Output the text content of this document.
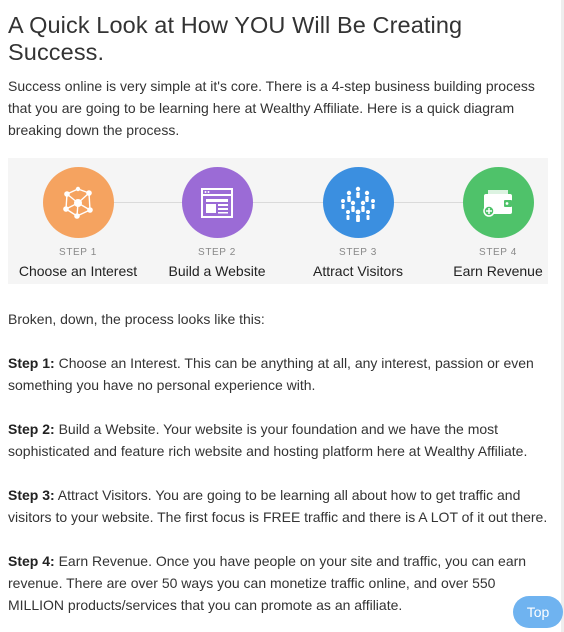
A Quick Look at How YOU Will Be Creating Success.

Success online is very simple at it's core. There is a 4-step business building process that you are going to be learning here at Wealthy Affiliate. Here is a quick diagram breaking down the process.

STEP 1
Choose an Interest
STEP 2
Build a Website
STEP 3
Attract Visitors
STEP 4
Earn Revenue

Broken, down, the process looks like this:

Step 1: Choose an Interest. This can be anything at all, any interest, passion or even something you have no personal experience with.

Step 2: Build a Website. Your website is your foundation and we have the most sophisticated and feature rich website and hosting platform here at Wealthy Affiliate.

Step 3: Attract Visitors. You are going to be learning all about how to get traffic and visitors to your website. The first focus is FREE traffic and there is A LOT of it out there.

Step 4: Earn Revenue. Once you have people on your site and traffic, you can earn revenue. There are over 50 ways you can monetize traffic online, and over 550 MILLION products/services that you can promote as an affiliate.	Top
